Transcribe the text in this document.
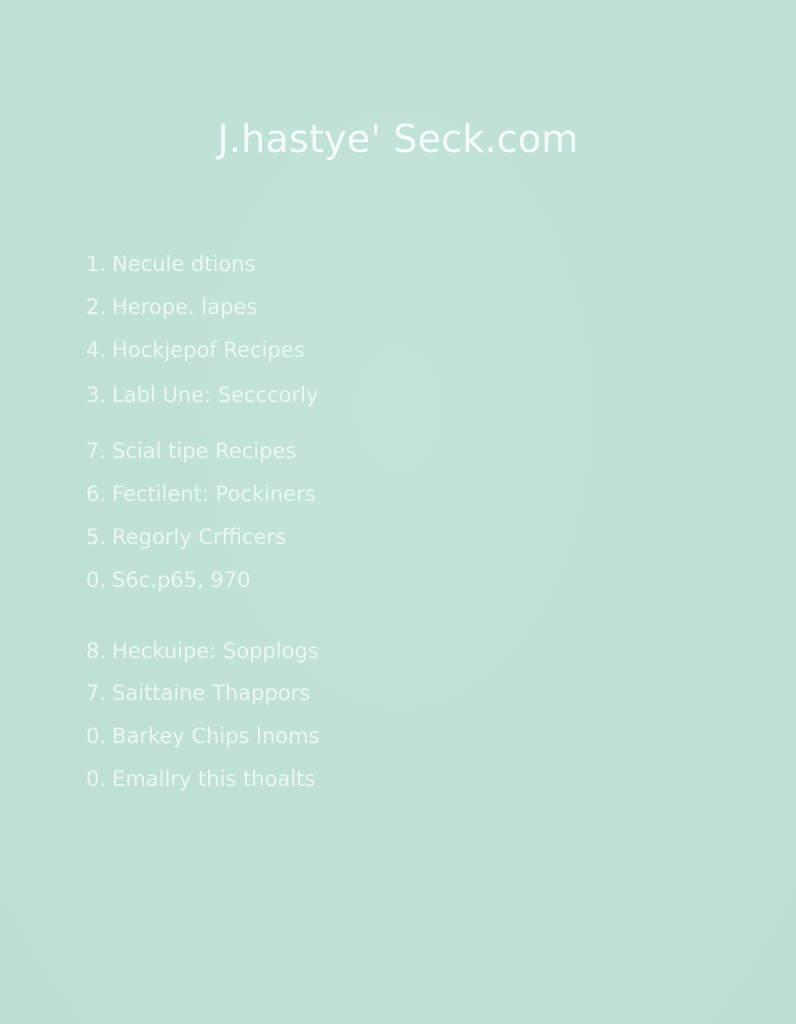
J.hastye' Seck.com
1. Necule dtions
2. Herope. lapes
4. Hockjepof Recipes
3. Labl Une: Secccorly
7. Scial tipe Recipes
6. Fectilent: Pockiners
5. Regorly Crfficers
0. S6c.p65, 970
8. Heckuipe: Sopplogs
7. Saittaine Thappors
0. Barkey Chips lnoms
0. Emallry this thoalts
